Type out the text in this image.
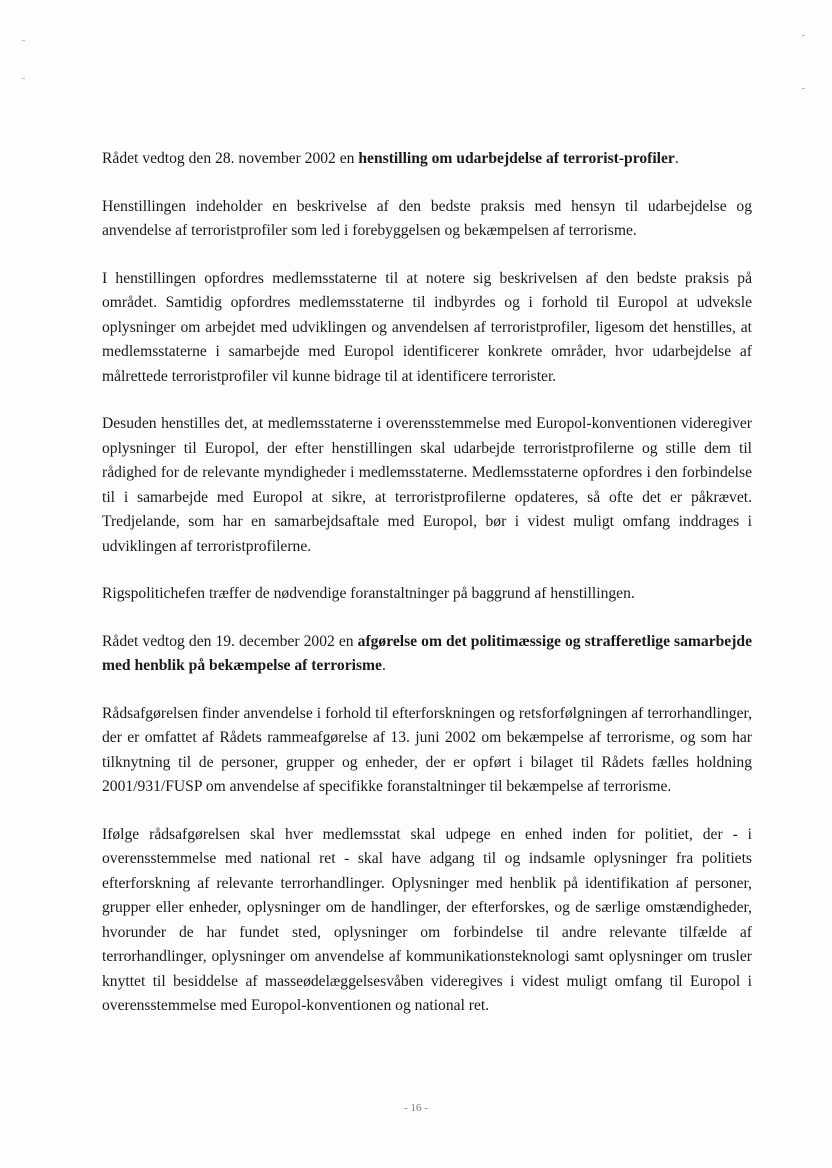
Rådet vedtog den 28. november 2002 en henstilling om udarbejdelse af terrorist-profiler.

Henstillingen indeholder en beskrivelse af den bedste praksis med hensyn til udarbejdelse og anvendelse af terroristprofiler som led i forebyggelsen og bekæmpelsen af terrorisme.

I henstillingen opfordres medlemsstaterne til at notere sig beskrivelsen af den bedste praksis på området. Samtidig opfordres medlemsstaterne til indbyrdes og i forhold til Europol at udveksle oplysninger om arbejdet med udviklingen og anvendelsen af terroristprofiler, ligesom det henstilles, at medlemsstaterne i samarbejde med Europol identificerer konkrete områder, hvor udarbejdelse af målrettede terroristprofiler vil kunne bidrage til at identificere terrorister.

Desuden henstilles det, at medlemsstaterne i overensstemmelse med Europol-konventionen videregiver oplysninger til Europol, der efter henstillingen skal udarbejde terroristprofilerne og stille dem til rådighed for de relevante myndigheder i medlemsstaterne. Medlemsstaterne opfordres i den forbindelse til i samarbejde med Europol at sikre, at terroristprofilerne opdateres, så ofte det er påkrævet. Tredjelande, som har en samarbejdsaftale med Europol, bør i videst muligt omfang inddrages i udviklingen af terroristprofilerne.

Rigspolitichefen træffer de nødvendige foranstaltninger på baggrund af henstillingen.

Rådet vedtog den 19. december 2002 en afgørelse om det politimæssige og strafferetlige samarbejde med henblik på bekæmpelse af terrorisme.

Rådsafgørelsen finder anvendelse i forhold til efterforskningen og retsforfølgningen af terrorhandlinger, der er omfattet af Rådets rammeafgørelse af 13. juni 2002 om bekæmpelse af terrorisme, og som har tilknytning til de personer, grupper og enheder, der er opført i bilaget til Rådets fælles holdning 2001/931/FUSP om anvendelse af specifikke foranstaltninger til bekæmpelse af terrorisme.

Ifølge rådsafgørelsen skal hver medlemsstat skal udpege en enhed inden for politiet, der - i overensstemmelse med national ret - skal have adgang til og indsamle oplysninger fra politiets efterforskning af relevante terrorhandlinger. Oplysninger med henblik på identifikation af personer, grupper eller enheder, oplysninger om de handlinger, der efterforskes, og de særlige omstændigheder, hvorunder de har fundet sted, oplysninger om forbindelse til andre relevante tilfælde af terrorhandlinger, oplysninger om anvendelse af kommunikationsteknologi samt oplysninger om trusler knyttet til besiddelse af masseødelæggelsesvåben videregives i videst muligt omfang til Europol i overensstemmelse med Europol-konventionen og national ret.

- 16 -
